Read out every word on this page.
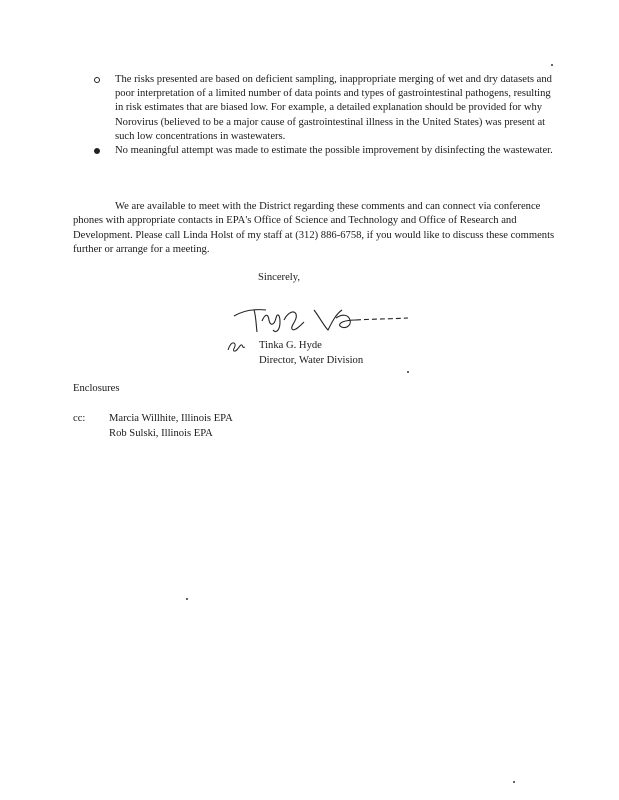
The risks presented are based on deficient sampling, inappropriate merging of wet and dry datasets and poor interpretation of a limited number of data points and types of gastrointestinal pathogens, resulting in risk estimates that are biased low. For example, a detailed explanation should be provided for why Norovirus (believed to be a major cause of gastrointestinal illness in the United States) was present at such low concentrations in wastewaters.
No meaningful attempt was made to estimate the possible improvement by disinfecting the wastewater.

We are available to meet with the District regarding these comments and can connect via conference phones with appropriate contacts in EPA's Office of Science and Technology and Office of Research and Development. Please call Linda Holst of my staff at (312) 886-6758, if you would like to discuss these comments further or arrange for a meeting.

Sincerely,
Tinka G. Hyde
Director, Water Division
Enclosures
cc: Marcia Willhite, Illinois EPA
Rob Sulski, Illinois EPA
